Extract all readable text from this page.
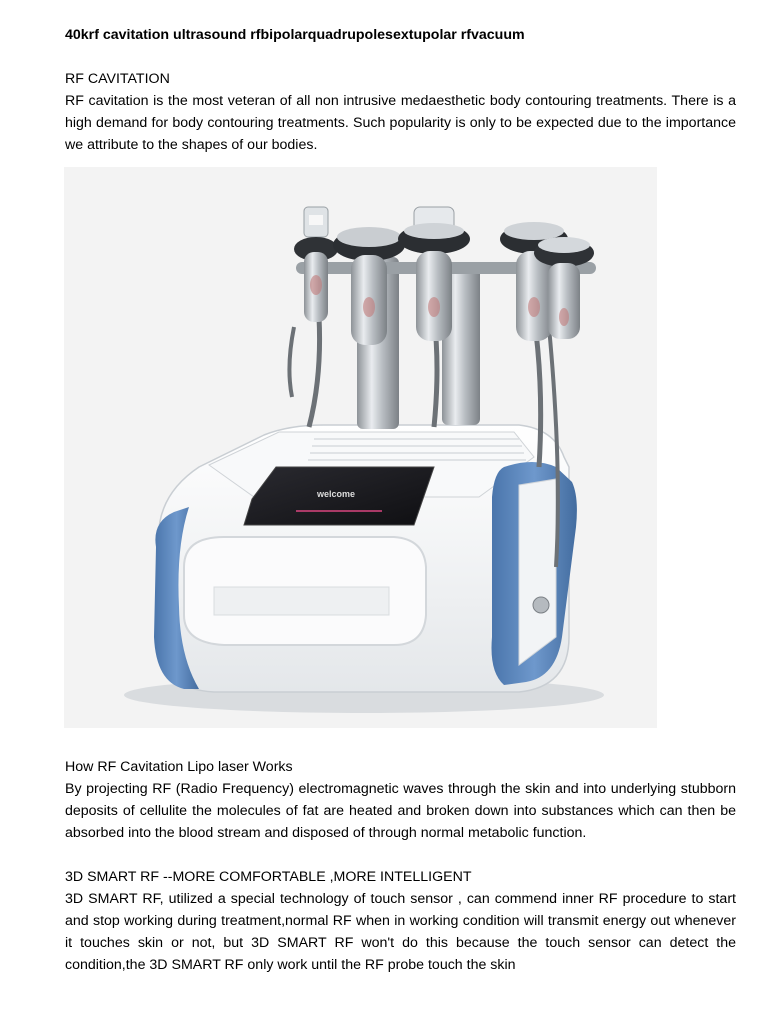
40krf cavitation ultrasound rfbipolarquadrupolesextupolar rfvacuum

RF CAVITATION

RF cavitation is the most veteran of all non intrusive medaesthetic body contouring treatments. There is a high demand for body contouring treatments. Such popularity is only to be expected due to the importance we attribute to the shapes of our bodies.

welcome

How RF Cavitation Lipo laser Works

By projecting RF (Radio Frequency) electromagnetic waves through the skin and into underlying stubborn deposits of cellulite the molecules of fat are heated and broken down into substances which can then be absorbed into the blood stream and disposed of through normal metabolic function.

3D SMART RF --MORE COMFORTABLE ,MORE INTELLIGENT

3D SMART RF, utilized a special technology of touch sensor , can commend inner RF procedure to start and stop working during treatment,normal RF when in working condition will transmit energy out whenever it touches skin or not, but 3D SMART RF won't do this because the touch sensor can detect the condition,the 3D SMART RF only work until the RF probe touch the skin
